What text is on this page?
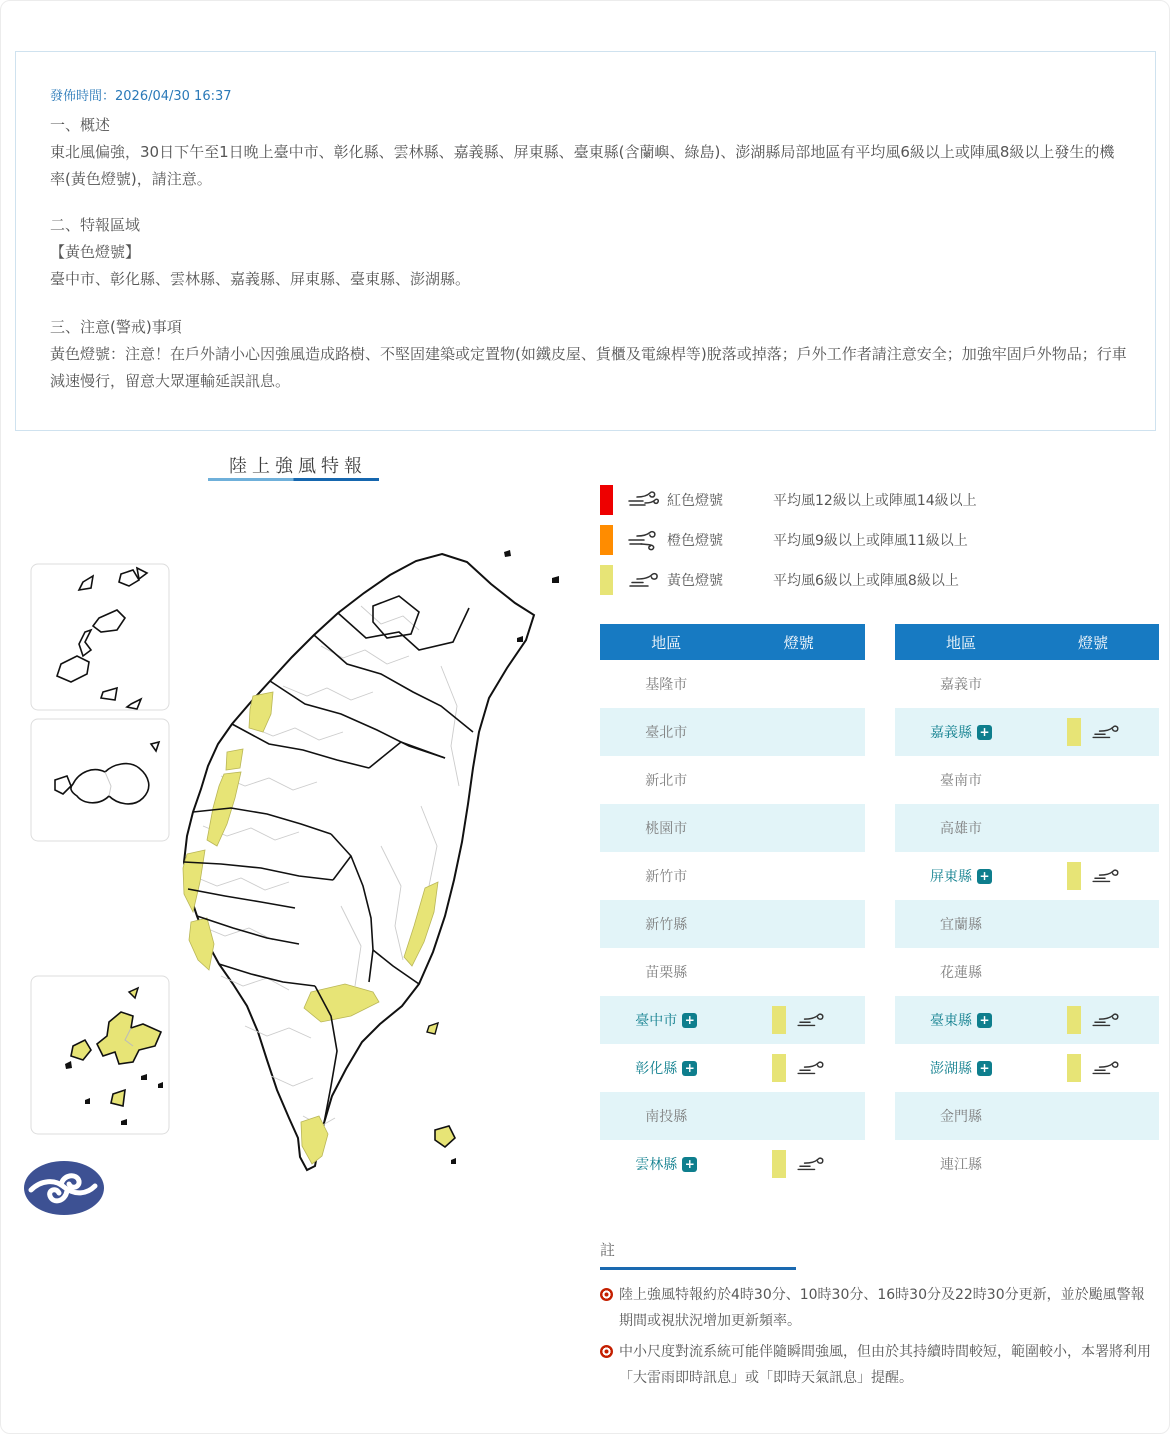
發佈時間：2026/04/30 16:37
一、概述
東北風偏強，30日下午至1日晚上臺中市、彰化縣、雲林縣、嘉義縣、屏東縣、臺東縣(含蘭嶼、綠島)、澎湖縣局部地區有平均風6級以上或陣風8級以上發生的機率(黃色燈號)，請注意。
二、特報區域
【黃色燈號】
臺中市、彰化縣、雲林縣、嘉義縣、屏東縣、臺東縣、澎湖縣。
三、注意(警戒)事項
黃色燈號：注意！在戶外請小心因強風造成路樹、不堅固建築或定置物(如鐵皮屋、貨櫃及電線桿等)脫落或掉落；戶外工作者請注意安全；加強牢固戶外物品；行車減速慢行，留意大眾運輸延誤訊息。
陸上強風特報
紅色燈號	平均風12級以上或陣風14級以上
橙色燈號	平均風9級以上或陣風11級以上
黃色燈號	平均風6級以上或陣風8級以上
地區	燈號
基隆市
臺北市
新北市
桃園市
新竹市
新竹縣
苗栗縣
臺中市 +
彰化縣 +
南投縣
雲林縣 +
地區	燈號
嘉義市
嘉義縣 +
臺南市
高雄市
屏東縣 +
宜蘭縣
花蓮縣
臺東縣 +
澎湖縣 +
金門縣
連江縣
註
陸上強風特報約於4時30分、10時30分、16時30分及22時30分更新，並於颱風警報期間或視狀況增加更新頻率。
中小尺度對流系統可能伴隨瞬間強風，但由於其持續時間較短，範圍較小，本署將利用「大雷雨即時訊息」或「即時天氣訊息」提醒。
